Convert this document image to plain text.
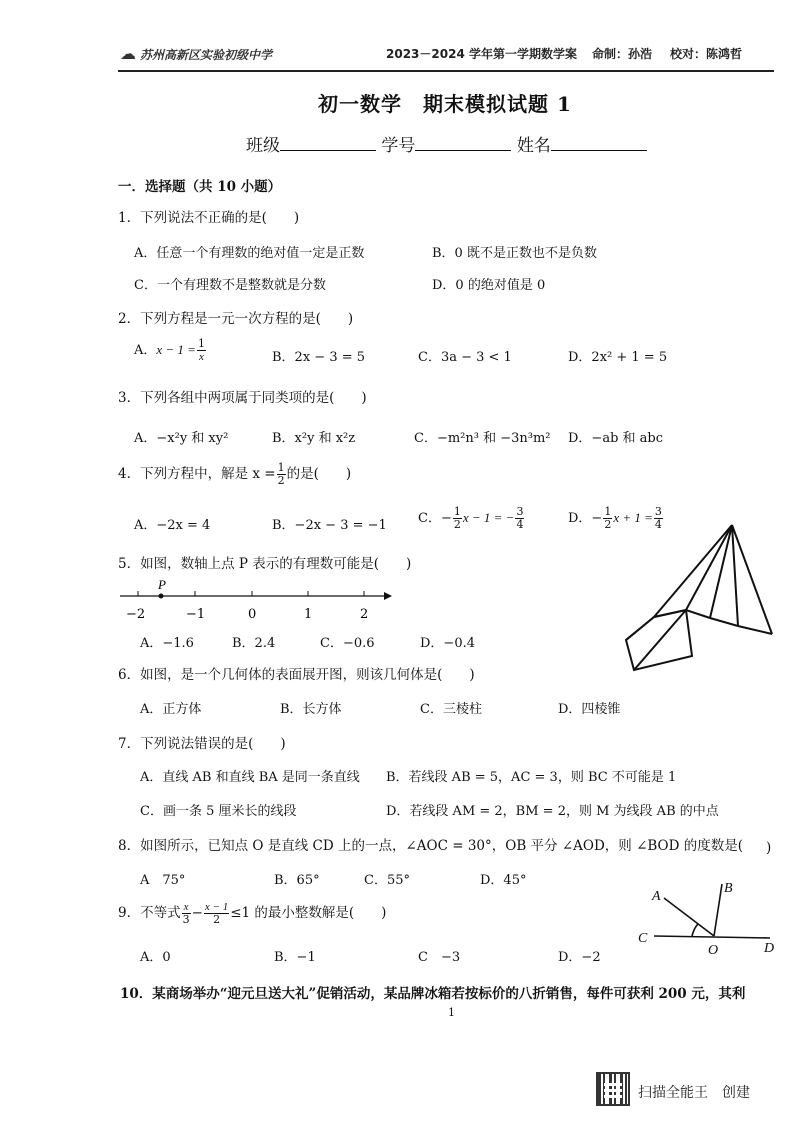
☁ 苏州高新区实验初级中学	2023－2024 学年第一学期数学案 命制：孙浩 校对：陈鸿哲
初一数学　期末模拟试题 1
班级	学号	姓名
一．选择题（共 10 小题）
1．下列说法不正确的是(　　)
A．任意一个有理数的绝对值一定是正数	B．0 既不是正数也不是负数
C．一个有理数不是整数就是分数	D．0 的绝对值是 0
2．下列方程是一元一次方程的是(　　)
A．$x - 1 = \frac{1}{x}$	B．2x − 3 = 5	C．3a − 3 < 1	D．2x² + 1 = 5
3．下列各组中两项属于同类项的是(　　)
A．−x²y 和 xy²	B．x²y 和 x²z	C．−m²n³ 和 −3n³m² D．−ab 和 abc
4．下列方程中，解是 $x = \frac{1}{2}$ 的是(　　)
A．−2x = 4	B．−2x − 3 = −1 C．− $\frac{1}{2}$ x − 1 = − $\frac{3}{4}$	D．− $\frac{1}{2}$ $x + 1 = \frac{3}{4}$
5．如图，数轴上点 P 表示的有理数可能是(　　)
P
−2	−1	0	1	2
A．−1.6	B．2.4	C．−0.6	D．−0.4
6．如图，是一个几何体的表面展开图，则该几何体是(　　)
A．正方体	B．长方体	C．三棱柱	D．四棱锥
7．下列说法错误的是(　　)
A．直线 AB 和直线 BA 是同一条直线 B．若线段 AB = 5，AC = 3，则 BC 不可能是 1
C．画一条 5 厘米长的线段	D．若线段 AM = 2，BM = 2，则 M 为线段 AB 的中点
8．如图所示，已知点 O 是直线 CD 上的一点，∠AOC = 30°，OB 平分 ∠AOD，则 ∠BOD 的度数是( )
A　75°	B．65°	C．55°	D．45°
A
B
C
O	D
9．不等式 $\frac{x}{3} - \frac{x - 1}{2} \le 1$ 的最小整数解是(　　)
A．0	B．−1	C　−3	D．−2
10．某商场举办“迎元旦送大礼”促销活动，某品牌冰箱若按标价的八折销售，每件可获利 200 元，其利
1
扫描全能王　创建
